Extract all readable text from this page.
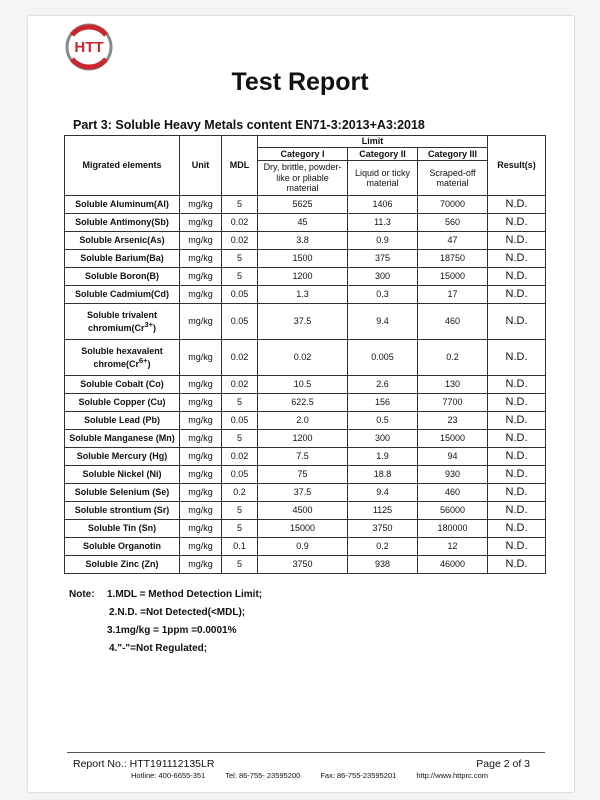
HTT
Test Report
Part 3: Soluble Heavy Metals content EN71-3:2013+A3:2018
Migrated elements	Unit	MDL	Limit			Result(s)
			Category I	Category II	Category III	
			Dry, brittle, powder-like or pliable material	Liquid or ticky material	Scraped-off material	
Soluble Aluminum(Al)	mg/kg	5	5625	1406	70000	N.D.
Soluble Antimony(Sb)	mg/kg	0.02	45	11.3	560	N.D.
Soluble Arsenic(As)	mg/kg	0.02	3.8	0.9	47	N.D.
Soluble Barium(Ba)	mg/kg	5	1500	375	18750	N.D.
Soluble Boron(B)	mg/kg	5	1200	300	15000	N.D.
Soluble Cadmium(Cd)	mg/kg	0.05	1.3	0.3	17	N.D.
Soluble trivalent $chromium(Cr^{3+})$	mg/kg	0.05	37.5	9.4	460	N.D.
Soluble hexavalent $chrome(Cr^{6+})$	mg/kg	0.02	0.02	0.005	0.2	N.D.
Soluble Cobalt (Co)	mg/kg	0.02	10.5	2.6	130	N.D.
Soluble Copper (Cu)	mg/kg	5	622.5	156	7700	N.D.
Soluble Lead (Pb)	mg/kg	0.05	2.0	0.5	23	N.D.
Soluble Manganese (Mn)	mg/kg	5	1200	300	15000	N.D.
Soluble Mercury (Hg)	mg/kg	0.02	7.5	1.9	94	N.D.
Soluble Nickel (Ni)	mg/kg	0.05	75	18.8	930	N.D.
Soluble Selenium (Se)	mg/kg	0.2	37.5	9.4	460	N.D.
Soluble strontium (Sr)	mg/kg	5	4500	1125	56000	N.D.
Soluble Tin (Sn)	mg/kg	5	15000	3750	180000	N.D.
Soluble Organotin	mg/kg	0.1	0.9	0.2	12	N.D.
Soluble Zinc (Zn)	mg/kg	5	3750	938	46000	N.D.
Note: 1.MDL = Method Detection Limit;
2.N.D. =Not Detected(<MDL);
3.1mg/kg = 1ppm =0.0001%
4."-"=Not Regulated;
Report No.: HTT191112135LR	Page 2 of 3
Hotline: 400-6655-351	Tel: 86-755- 23595200	Fax: 86-755-23595201	http://www.httprc.com
